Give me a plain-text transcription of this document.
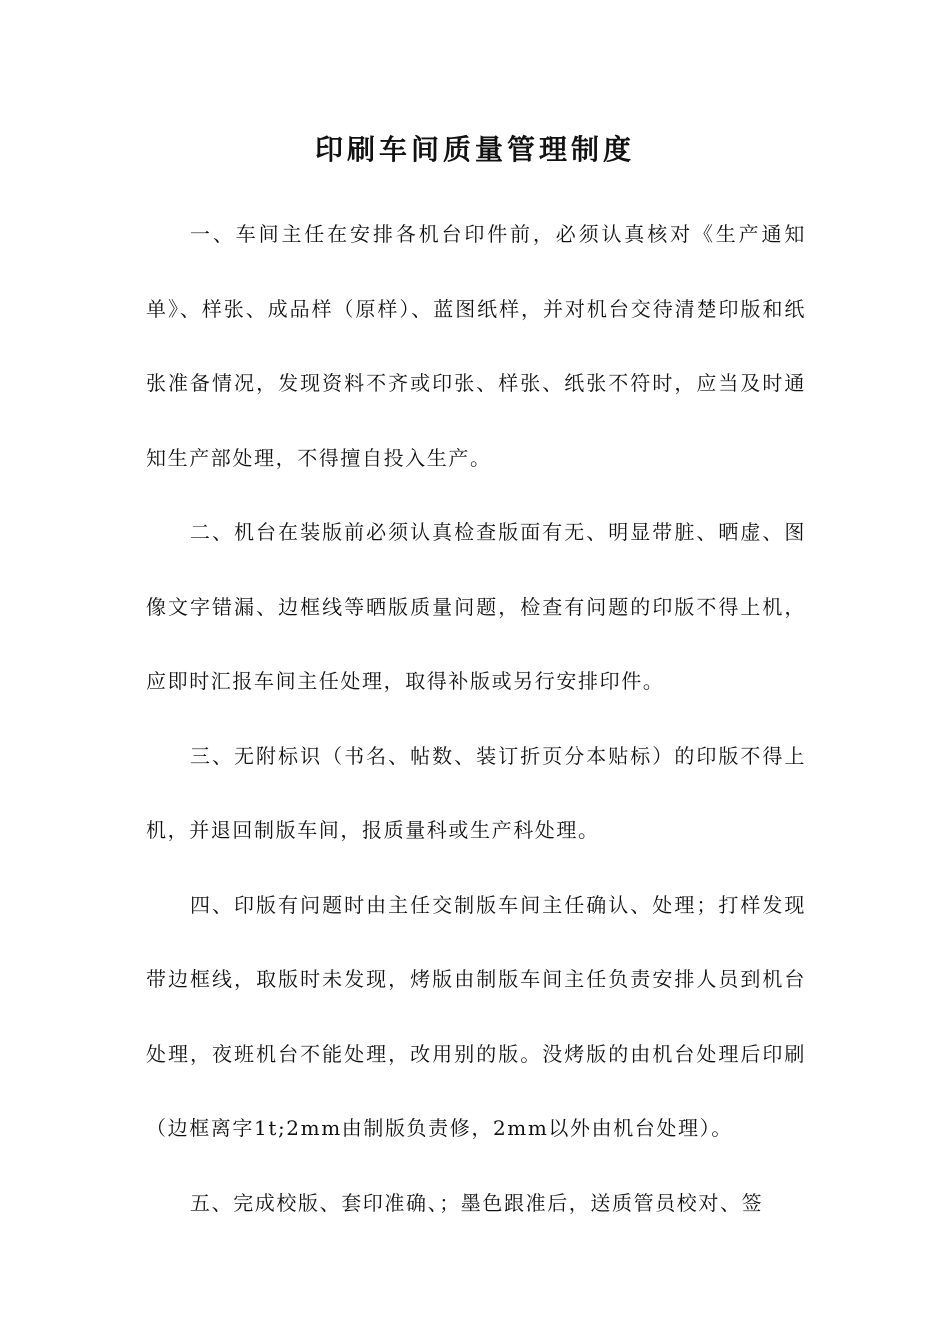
印刷车间质量管理制度

一、车间主任在安排各机台印件前，必须认真核对《生产通知单》、样张、成品样（原样）、蓝图纸样，并对机台交待清楚印版和纸张准备情况，发现资料不齐或印张、样张、纸张不符时，应当及时通知生产部处理，不得擅自投入生产。

二、机台在装版前必须认真检查版面有无、明显带脏、晒虚、图像文字错漏、边框线等晒版质量问题，检查有问题的印版不得上机，应即时汇报车间主任处理，取得补版或另行安排印件。

三、无附标识（书名、帖数、装订折页分本贴标）的印版不得上机，并退回制版车间，报质量科或生产科处理。

四、印版有问题时由主任交制版车间主任确认、处理；打样发现带边框线，取版时未发现，烤版由制版车间主任负责安排人员到机台处理，夜班机台不能处理，改用别的版。没烤版的由机台处理后印刷（边框离字1t;2mm由制版负责修，2mm以外由机台处理）。

五、完成校版、套印准确、；墨色跟准后，送质管员校对、签
